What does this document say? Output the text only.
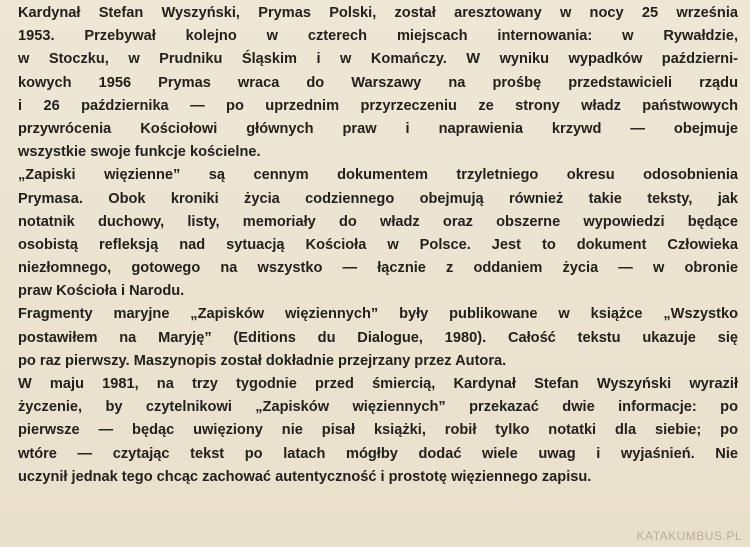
Kardynał Stefan Wyszyński, Prymas Polski, został aresztowany w nocy 25 września
1953. Przebywał kolejno w czterech miejscach internowania: w Rywałdzie,
w Stoczku, w Prudniku Śląskim i w Komańczy. W wyniku wypadków październi-
kowych 1956 Prymas wraca do Warszawy na prośbę przedstawicieli rządu
i 26 października — po uprzednim przyrzeczeniu ze strony władz państwowych
przywrócenia Kościołowi głównych praw i naprawienia krzywd — obejmuje
wszystkie swoje funkcje kościelne.
„Zapiski więzienne” są cennym dokumentem trzyletniego okresu odosobnienia
Prymasa. Obok kroniki życia codziennego obejmują również takie teksty, jak
notatnik duchowy, listy, memoriały do władz oraz obszerne wypowiedzi będące
osobistą refleksją nad sytuacją Kościoła w Polsce. Jest to dokument Człowieka
niezłomnego, gotowego na wszystko — łącznie z oddaniem życia — w obronie
praw Kościoła i Narodu.
Fragmenty maryjne „Zapisków więziennych” były publikowane w książce „Wszystko
postawiłem na Maryję” (Editions du Dialogue, 1980). Całość tekstu ukazuje się
po raz pierwszy. Maszynopis został dokładnie przejrzany przez Autora.
W maju 1981, na trzy tygodnie przed śmiercią, Kardynał Stefan Wyszyński wyraził
życzenie, by czytelnikowi „Zapisków więziennych” przekazać dwie informacje: po
pierwsze — będąc uwięziony nie pisał książki, robił tylko notatki dla siebie; po
wtóre — czytając tekst po latach mógłby dodać wiele uwag i wyjaśnień. Nie
uczynił jednak tego chcąc zachować autentyczność i prostotę więziennego zapisu.
KATAKUMBUS.PL
